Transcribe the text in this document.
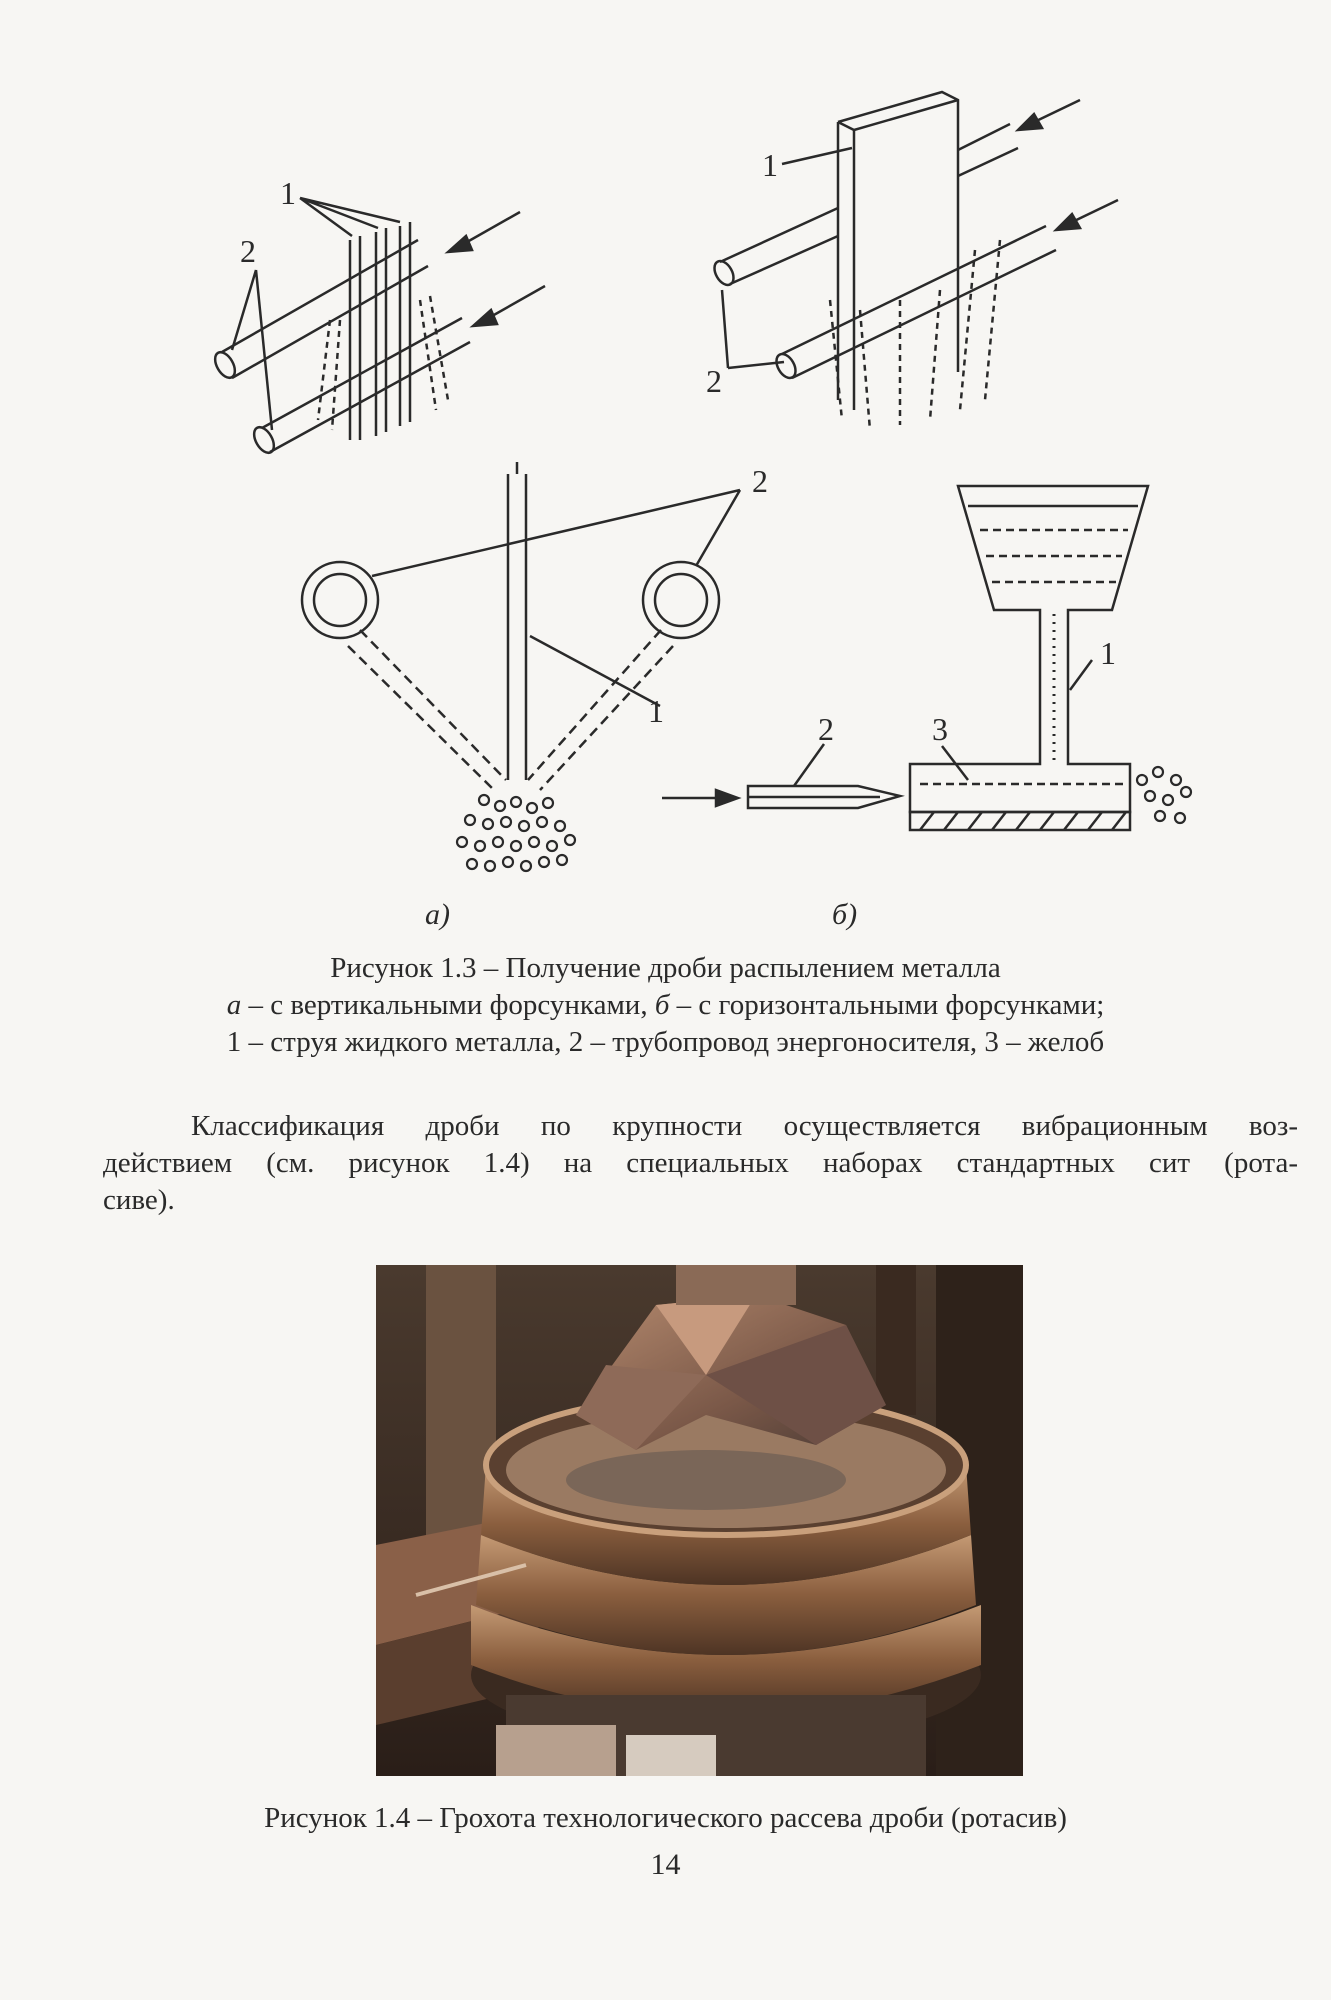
1
2
1
2
2
1
1
2	3
а)	б)
Рисунок 1.3 – Получение дроби распылением металла
а – с вертикальными форсунками, б – с горизонтальными форсунками;
1 – струя жидкого металла, 2 – трубопровод энергоносителя, 3 – желоб
Классификация дроби по крупности осуществляется вибрационным воз-
действием (см. рисунок 1.4) на специальных наборах стандартных сит (рота-
сиве).
Рисунок 1.4 – Грохота технологического рассева дроби (ротасив)
14
